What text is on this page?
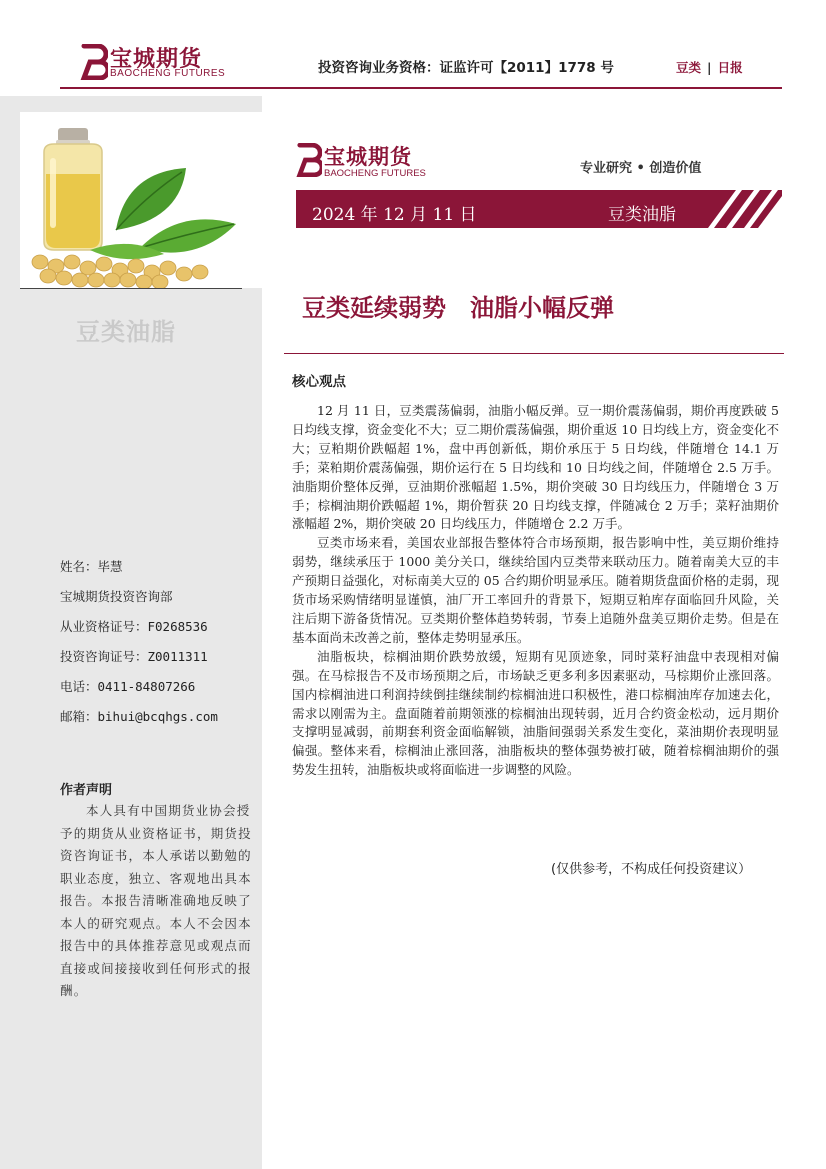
宝城期货
BAOCHENG FUTURES	投资咨询业务资格：证监许可【2011】1778 号	豆类 | 日报
豆类油脂
姓名：毕慧
宝城期货投资咨询部
从业资格证号：F0268536
投资咨询证号：Z0011311
电话：0411-84807266
邮箱：bihui@bcqhgs.com
作者声明

本人具有中国期货业协会授予的期货从业资格证书，期货投资咨询证书，本人承诺以勤勉的职业态度，独立、客观地出具本报告。本报告清晰准确地反映了本人的研究观点。本人不会因本报告中的具体推荐意见或观点而直接或间接接收到任何形式的报酬。

宝城期货
BAOCHENG FUTURES	专业研究 • 创造价值
2024 年 12 月 11 日	豆类油脂
豆类延续弱势　油脂小幅反弹
核心观点

12 月 11 日，豆类震荡偏弱，油脂小幅反弹。豆一期价震荡偏弱，期价再度跌破 5 日均线支撑，资金变化不大；豆二期价震荡偏强，期价重返 10 日均线上方，资金变化不大；豆粕期价跌幅超 1%，盘中再创新低，期价承压于 5 日均线，伴随增仓 14.1 万手；菜粕期价震荡偏强，期价运行在 5 日均线和 10 日均线之间，伴随增仓 2.5 万手。油脂期价整体反弹，豆油期价涨幅超 1.5%，期价突破 30 日均线压力，伴随增仓 3 万手；棕榈油期价跌幅超 1%，期价暂获 20 日均线支撑，伴随减仓 2 万手；菜籽油期价涨幅超 2%，期价突破 20 日均线压力，伴随增仓 2.2 万手。

豆类市场来看，美国农业部报告整体符合市场预期，报告影响中性，美豆期价维持弱势，继续承压于 1000 美分关口，继续给国内豆类带来联动压力。随着南美大豆的丰产预期日益强化，对标南美大豆的 05 合约期价明显承压。随着期货盘面价格的走弱，现货市场采购情绪明显谨慎，油厂开工率回升的背景下，短期豆粕库存面临回升风险，关注后期下游备货情况。豆类期价整体趋势转弱，节奏上追随外盘美豆期价走势。但是在基本面尚未改善之前，整体走势明显承压。

油脂板块，棕榈油期价跌势放缓，短期有见顶迹象，同时菜籽油盘中表现相对偏强。在马棕报告不及市场预期之后，市场缺乏更多利多因素驱动，马棕期价止涨回落。国内棕榈油进口利润持续倒挂继续制约棕榈油进口积极性，港口棕榈油库存加速去化，需求以刚需为主。盘面随着前期领涨的棕榈油出现转弱，近月合约资金松动，远月期价支撑明显减弱，前期套利资金面临解锁，油脂间强弱关系发生变化，菜油期价表现明显偏强。整体来看，棕榈油止涨回落，油脂板块的整体强势被打破，随着棕榈油期价的强势发生扭转，油脂板块或将面临进一步调整的风险。

(仅供参考，不构成任何投资建议）
